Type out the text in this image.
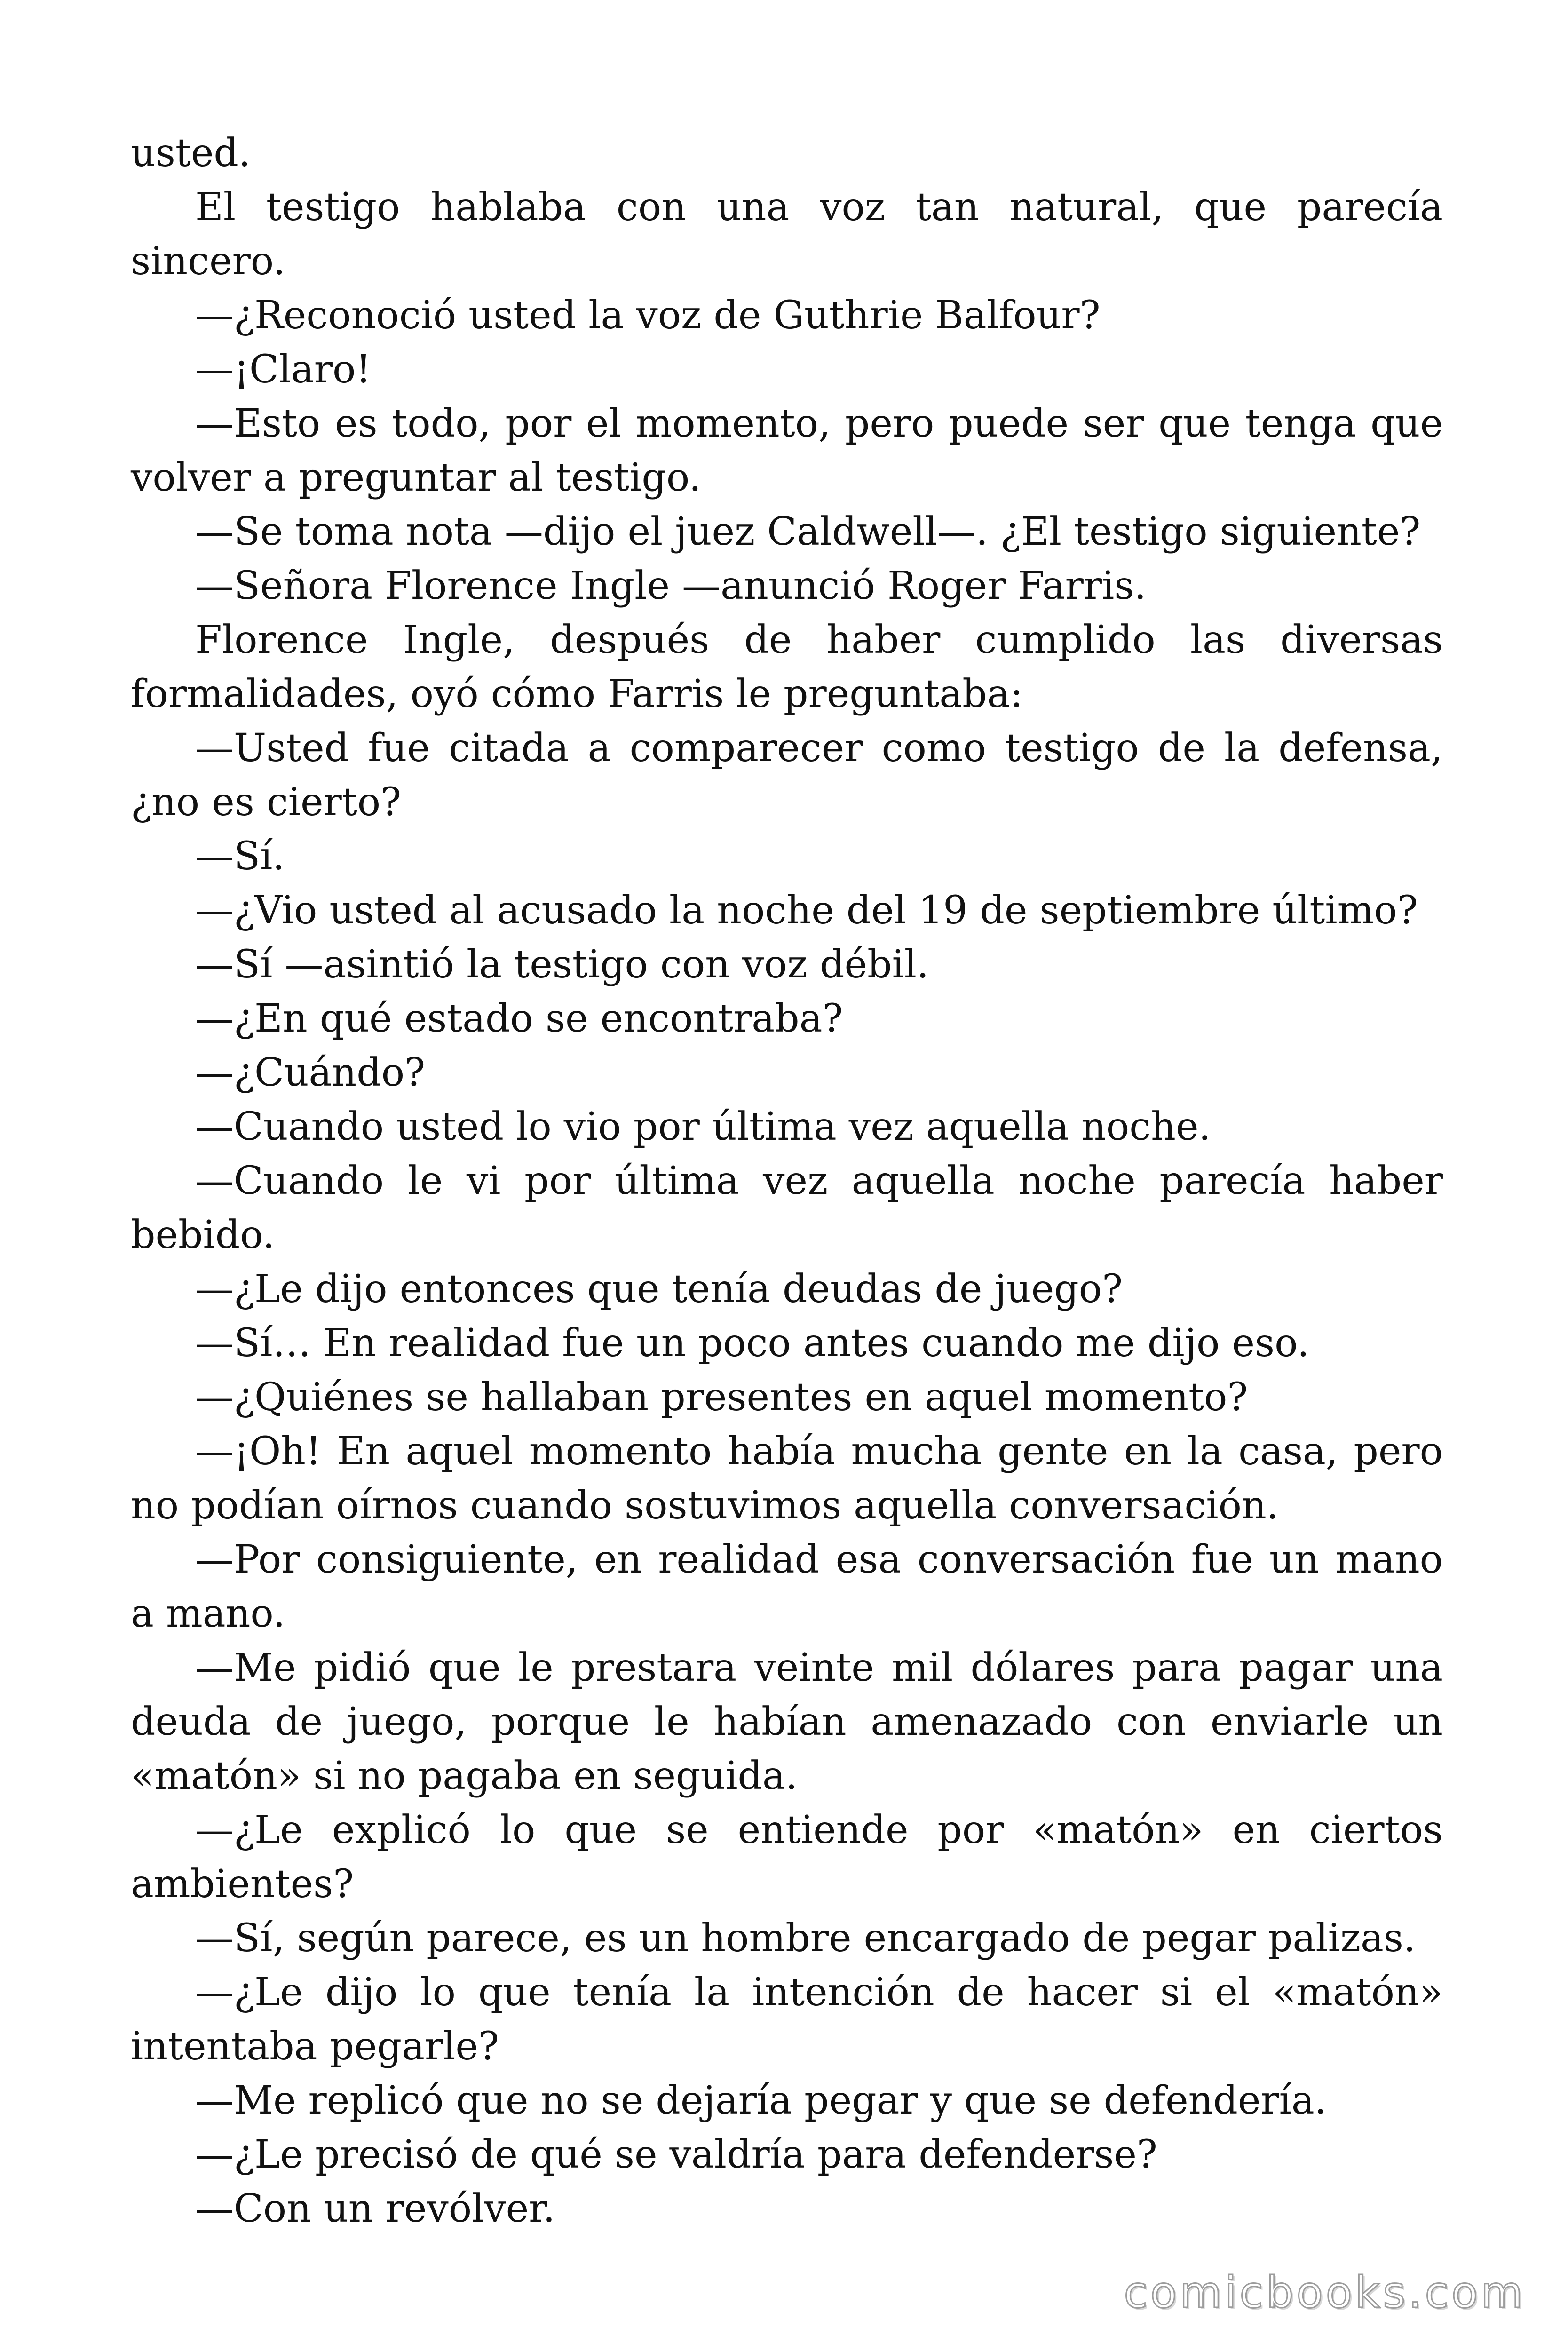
usted.

El testigo hablaba con una voz tan natural, que parecía sincero.

—¿Reconoció usted la voz de Guthrie Balfour?

—¡Claro!

—Esto es todo, por el momento, pero puede ser que tenga que volver a preguntar al testigo.

—Se toma nota —dijo el juez Caldwell—. ¿El testigo siguiente?

—Señora Florence Ingle —anunció Roger Farris.

Florence Ingle, después de haber cumplido las diversas formalidades, oyó cómo Farris le preguntaba:

—Usted fue citada a comparecer como testigo de la defensa, ¿no es cierto?

—Sí.

—¿Vio usted al acusado la noche del 19 de septiembre último?

—Sí —asintió la testigo con voz débil.

—¿En qué estado se encontraba?

—¿Cuándo?

—Cuando usted lo vio por última vez aquella noche.

—Cuando le vi por última vez aquella noche parecía haber bebido.

—¿Le dijo entonces que tenía deudas de juego?

—Sí… En realidad fue un poco antes cuando me dijo eso.

—¿Quiénes se hallaban presentes en aquel momento?

—¡Oh! En aquel momento había mucha gente en la casa, pero no podían oírnos cuando sostuvimos aquella conversación.

—Por consiguiente, en realidad esa conversación fue un mano a mano.

—Me pidió que le prestara veinte mil dólares para pagar una deuda de juego, porque le habían amenazado con enviarle un «matón» si no pagaba en seguida.

—¿Le explicó lo que se entiende por «matón» en ciertos ambientes?

—Sí, según parece, es un hombre encargado de pegar palizas.

—¿Le dijo lo que tenía la intención de hacer si el «matón» intentaba pegarle?

—Me replicó que no se dejaría pegar y que se defendería.

—¿Le precisó de qué se valdría para defenderse?

—Con un revólver.

comicbooks.com
